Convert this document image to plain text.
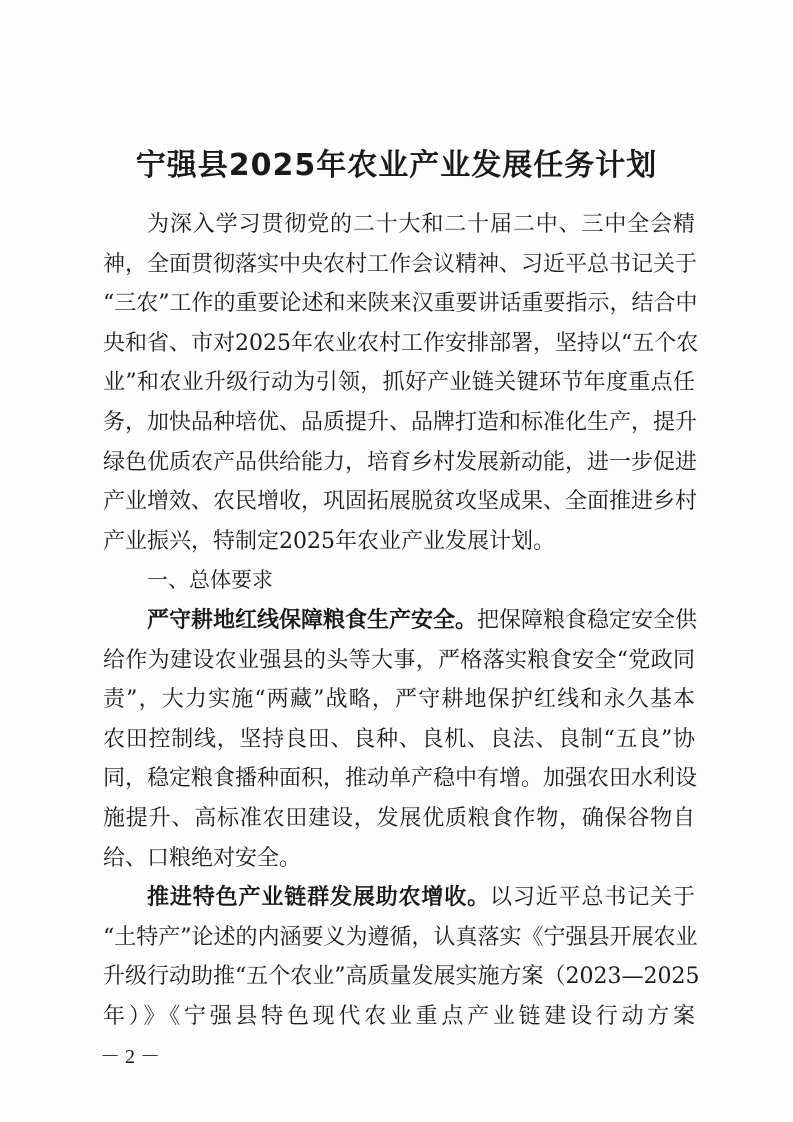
宁强县2025年农业产业发展任务计划
为深入学习贯彻党的二十大和二十届二中、三中全会精
神，全面贯彻落实中央农村工作会议精神、习近平总书记关于
“三农”工作的重要论述和来陕来汉重要讲话重要指示，结合中
央和省、市对2025年农业农村工作安排部署，坚持以“五个农
业”和农业升级行动为引领，抓好产业链关键环节年度重点任
务，加快品种培优、品质提升、品牌打造和标准化生产，提升
绿色优质农产品供给能力，培育乡村发展新动能，进一步促进
产业增效、农民增收，巩固拓展脱贫攻坚成果、全面推进乡村
产业振兴，特制定2025年农业产业发展计划。
一、总体要求
严守耕地红线保障粮食生产安全。把保障粮食稳定安全供
给作为建设农业强县的头等大事，严格落实粮食安全“党政同
责”，大力实施“两藏”战略，严守耕地保护红线和永久基本
农田控制线，坚持良田、良种、良机、良法、良制“五良”协
同，稳定粮食播种面积，推动单产稳中有增。加强农田水利设
施提升、高标准农田建设，发展优质粮食作物，确保谷物自
给、口粮绝对安全。
推进特色产业链群发展助农增收。以习近平总书记关于
“土特产”论述的内涵要义为遵循，认真落实《宁强县开展农业
升级行动助推“五个农业”高质量发展实施方案（2023—2025
年）》《宁强县特色现代农业重点产业链建设行动方案
－ 2 －
